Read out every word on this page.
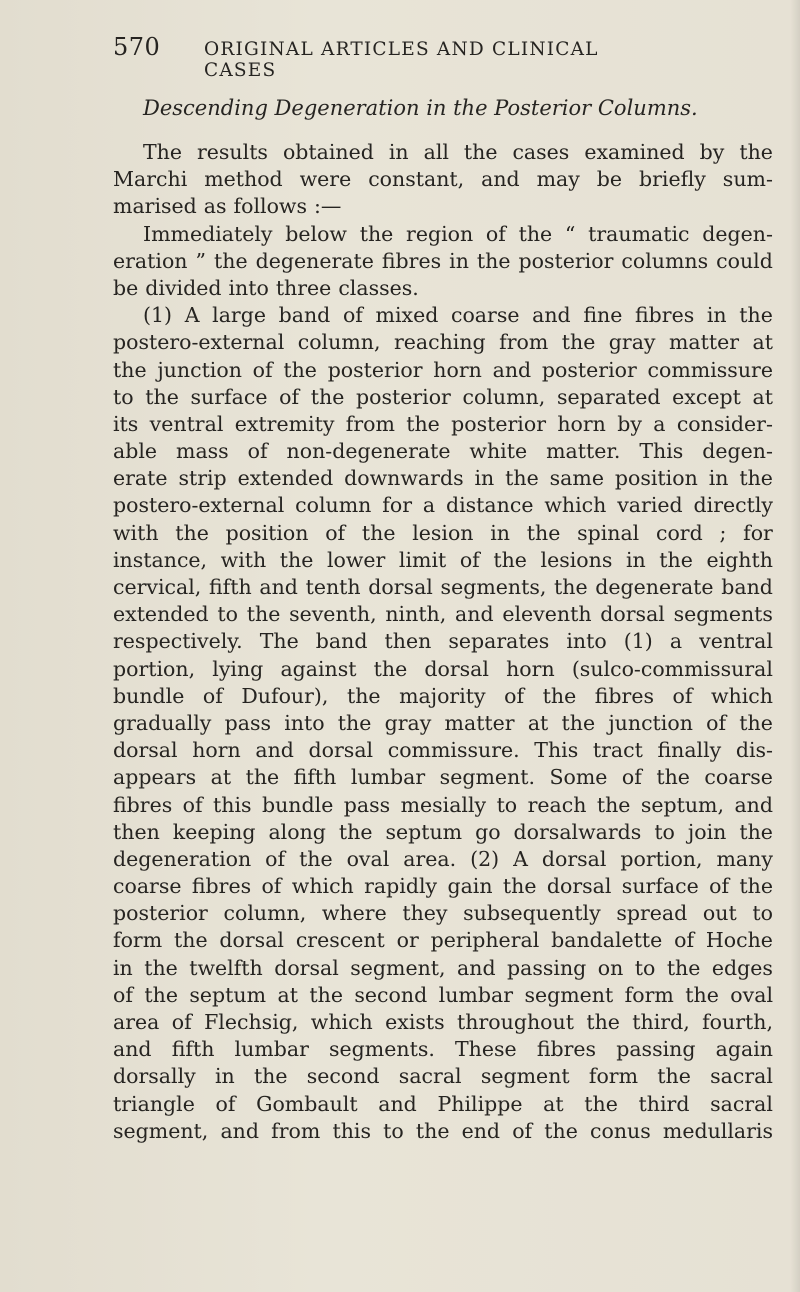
570	ORIGINAL ARTICLES AND CLINICAL CASES
Descending Degeneration in the Posterior Columns.
The results obtained in all the cases examined by the
Marchi method were constant, and may be briefly sum-
marised as follows :—
Immediately below the region of the “ traumatic degen-
eration ” the degenerate fibres in the posterior columns could
be divided into three classes.
(1) A large band of mixed coarse and fine fibres in the
postero-external column, reaching from the gray matter at
the junction of the posterior horn and posterior commissure
to the surface of the posterior column, separated except at
its ventral extremity from the posterior horn by a consider-
able mass of non-degenerate white matter. This degen-
erate strip extended downwards in the same position in the
postero-external column for a distance which varied directly
with the position of the lesion in the spinal cord ; for
instance, with the lower limit of the lesions in the eighth
cervical, fifth and tenth dorsal segments, the degenerate band
extended to the seventh, ninth, and eleventh dorsal segments
respectively. The band then separates into (1) a ventral
portion, lying against the dorsal horn (sulco-commissural
bundle of Dufour), the majority of the fibres of which
gradually pass into the gray matter at the junction of the
dorsal horn and dorsal commissure. This tract finally dis-
appears at the fifth lumbar segment. Some of the coarse
fibres of this bundle pass mesially to reach the septum, and
then keeping along the septum go dorsalwards to join the
degeneration of the oval area. (2) A dorsal portion, many
coarse fibres of which rapidly gain the dorsal surface of the
posterior column, where they subsequently spread out to
form the dorsal crescent or peripheral bandalette of Hoche
in the twelfth dorsal segment, and passing on to the edges
of the septum at the second lumbar segment form the oval
area of Flechsig, which exists throughout the third, fourth,
and fifth lumbar segments. These fibres passing again
dorsally in the second sacral segment form the sacral
triangle of Gombault and Philippe at the third sacral
segment, and from this to the end of the conus medullaris
